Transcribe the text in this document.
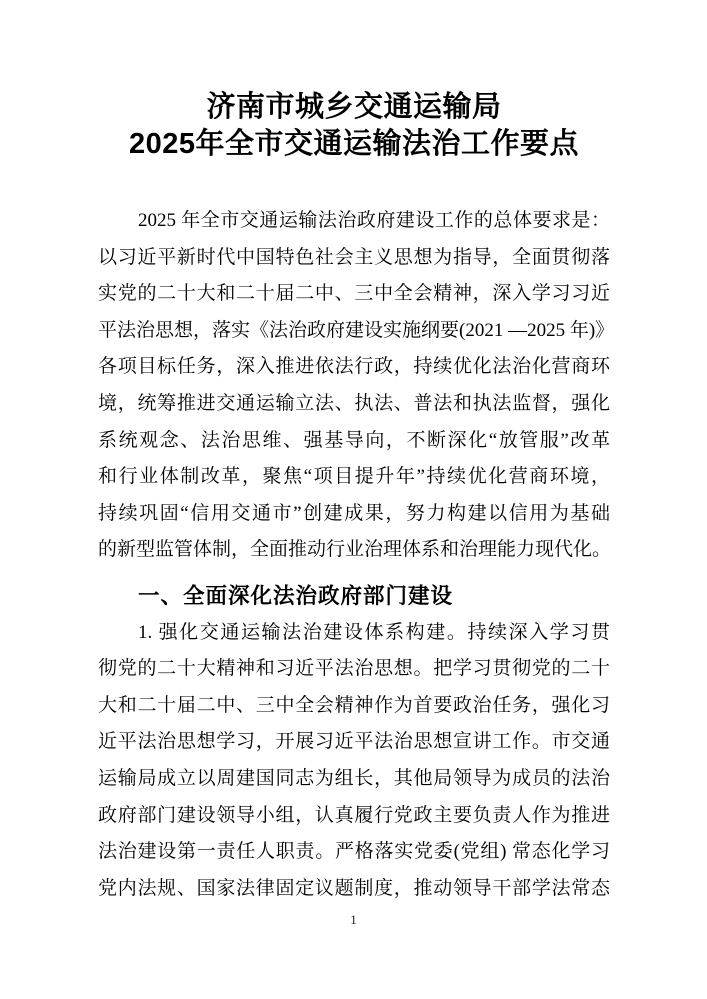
济南市城乡交通运输局
2025年全市交通运输法治工作要点
2025 年全市交通运输法治政府建设工作的总体要求是：
以习近平新时代中国特色社会主义思想为指导，全面贯彻落
实党的二十大和二十届二中、三中全会精神，深入学习习近
平法治思想，落实《法治政府建设实施纲要(2021 —2025 年)》
各项目标任务，深入推进依法行政，持续优化法治化营商环
境，统筹推进交通运输立法、执法、普法和执法监督，强化
系统观念、法治思维、强基导向，不断深化“放管服”改革
和行业体制改革，聚焦“项目提升年”持续优化营商环境，
持续巩固“信用交通市”创建成果，努力构建以信用为基础
的新型监管体制，全面推动行业治理体系和治理能力现代化。
一、全面深化法治政府部门建设
1. 强化交通运输法治建设体系构建。持续深入学习贯
彻党的二十大精神和习近平法治思想。把学习贯彻党的二十
大和二十届二中、三中全会精神作为首要政治任务，强化习
近平法治思想学习，开展习近平法治思想宣讲工作。市交通
运输局成立以周建国同志为组长，其他局领导为成员的法治
政府部门建设领导小组，认真履行党政主要负责人作为推进
法治建设第一责任人职责。严格落实党委(党组) 常态化学习
党内法规、国家法律固定议题制度，推动领导干部学法常态
1
